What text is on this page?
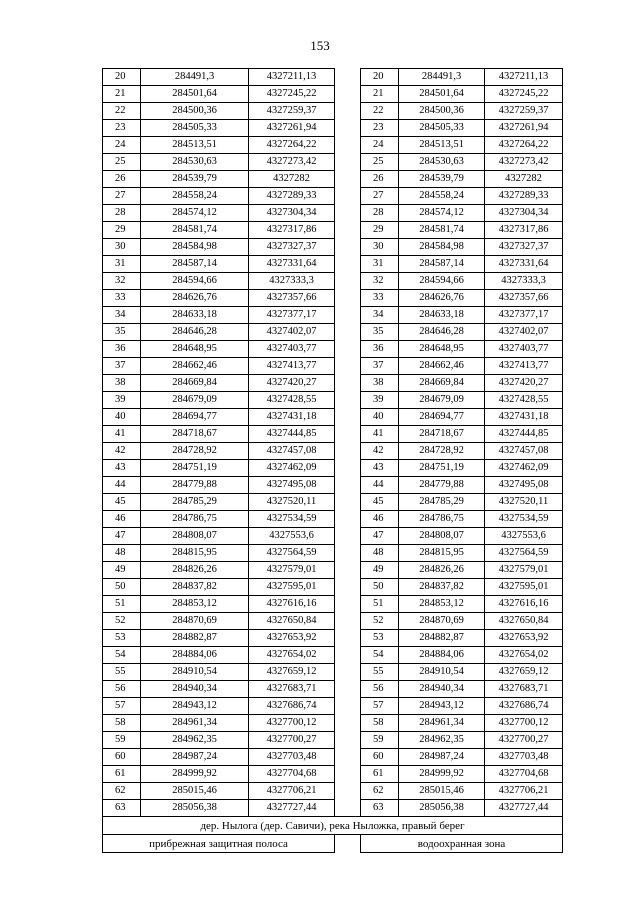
153
20	284491,3	4327211,13		20	284491,3	4327211,13
21	284501,64	4327245,22		21	284501,64	4327245,22
22	284500,36	4327259,37		22	284500,36	4327259,37
23	284505,33	4327261,94		23	284505,33	4327261,94
24	284513,51	4327264,22		24	284513,51	4327264,22
25	284530,63	4327273,42		25	284530,63	4327273,42
26	284539,79	4327282		26	284539,79	4327282
27	284558,24	4327289,33		27	284558,24	4327289,33
28	284574,12	4327304,34		28	284574,12	4327304,34
29	284581,74	4327317,86		29	284581,74	4327317,86
30	284584,98	4327327,37		30	284584,98	4327327,37
31	284587,14	4327331,64		31	284587,14	4327331,64
32	284594,66	4327333,3		32	284594,66	4327333,3
33	284626,76	4327357,66		33	284626,76	4327357,66
34	284633,18	4327377,17		34	284633,18	4327377,17
35	284646,28	4327402,07		35	284646,28	4327402,07
36	284648,95	4327403,77		36	284648,95	4327403,77
37	284662,46	4327413,77		37	284662,46	4327413,77
38	284669,84	4327420,27		38	284669,84	4327420,27
39	284679,09	4327428,55		39	284679,09	4327428,55
40	284694,77	4327431,18		40	284694,77	4327431,18
41	284718,67	4327444,85		41	284718,67	4327444,85
42	284728,92	4327457,08		42	284728,92	4327457,08
43	284751,19	4327462,09		43	284751,19	4327462,09
44	284779,88	4327495,08		44	284779,88	4327495,08
45	284785,29	4327520,11		45	284785,29	4327520,11
46	284786,75	4327534,59		46	284786,75	4327534,59
47	284808,07	4327553,6		47	284808,07	4327553,6
48	284815,95	4327564,59		48	284815,95	4327564,59
49	284826,26	4327579,01		49	284826,26	4327579,01
50	284837,82	4327595,01		50	284837,82	4327595,01
51	284853,12	4327616,16		51	284853,12	4327616,16
52	284870,69	4327650,84		52	284870,69	4327650,84
53	284882,87	4327653,92		53	284882,87	4327653,92
54	284884,06	4327654,02		54	284884,06	4327654,02
55	284910,54	4327659,12		55	284910,54	4327659,12
56	284940,34	4327683,71		56	284940,34	4327683,71
57	284943,12	4327686,74		57	284943,12	4327686,74
58	284961,34	4327700,12		58	284961,34	4327700,12
59	284962,35	4327700,27		59	284962,35	4327700,27
60	284987,24	4327703,48		60	284987,24	4327703,48
61	284999,92	4327704,68		61	284999,92	4327704,68
62	285015,46	4327706,21		62	285015,46	4327706,21
63	285056,38	4327727,44		63	285056,38	4327727,44
дер. Нылога (дер. Савичи), река Ныложка, правый берег						
прибрежная защитная полоса				водоохранная зона		
